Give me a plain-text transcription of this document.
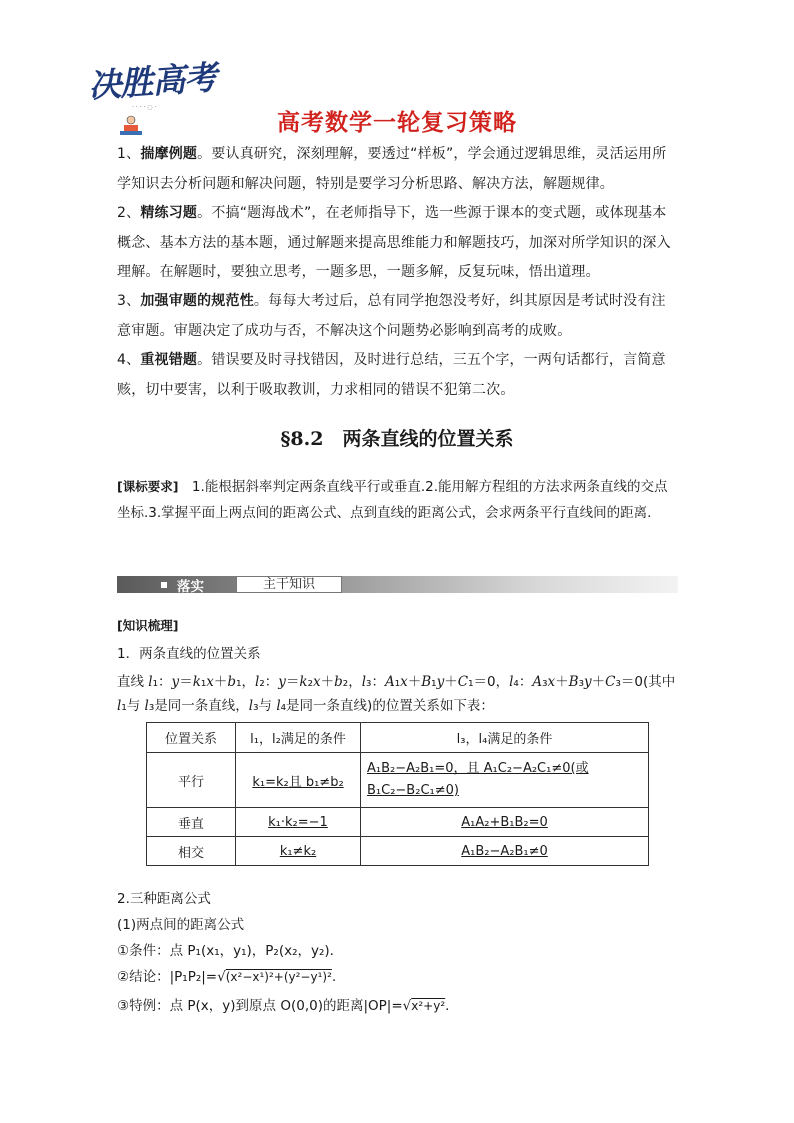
决胜高考
· · · · ◌ ·
高考数学一轮复习策略
1、揣摩例题。要认真研究，深刻理解，要透过“样板”，学会通过逻辑思维，灵活运用所学知识去分析问题和解决问题，特别是要学习分析思路、解决方法，解题规律。
2、精练习题。不搞“题海战术”，在老师指导下，选一些源于课本的变式题，或体现基本概念、基本方法的基本题，通过解题来提高思维能力和解题技巧，加深对所学知识的深入理解。在解题时，要独立思考，一题多思，一题多解，反复玩味，悟出道理。
3、加强审题的规范性。每每大考过后，总有同学抱怨没考好，纠其原因是考试时没有注意审题。审题决定了成功与否，不解决这个问题势必影响到高考的成败。
4、重视错题。错误要及时寻找错因，及时进行总结，三五个字，一两句话都行，言简意赅，切中要害，以利于吸取教训，力求相同的错误不犯第二次。
§8.2　两条直线的位置关系
[课标要求]　1.能根据斜率判定两条直线平行或垂直.2.能用解方程组的方法求两条直线的交点坐标.3.掌握平面上两点间的距离公式、点到直线的距离公式，会求两条平行直线间的距离.
落实	主干知识
[知识梳理]
1．两条直线的位置关系
直线 l₁：y＝k₁x＋b₁，l₂：y＝k₂x＋b₂，l₃：A₁x＋B₁y＋C₁＝0，l₄：A₃x＋B₃y＋C₃＝0(其中 l₁与 l₃是同一条直线，l₃与 l₄是同一条直线)的位置关系如下表：
位置关系	l₁，l₂满足的条件	l₃，l₄满足的条件
平行	k₁=k₂且 b₁≠b₂	A₁B₂−A₂B₁=0，且 A₁C₂−A₂C₁≠0(或 B₁C₂−B₂C₁≠0)
垂直	k₁·k₂=−1	A₁A₂+B₁B₂=0
相交	k₁≠k₂	A₁B₂−A₂B₁≠0
2.三种距离公式
(1)两点间的距离公式
①条件：点 P₁(x₁，y₁)，P₂(x₂，y₂)．
②结论：|P₁P₂|=√(x²−x¹)²+(y²−y¹)².
③特例：点 P(x，y)到原点 O(0,0)的距离|OP|=√x²+y².
